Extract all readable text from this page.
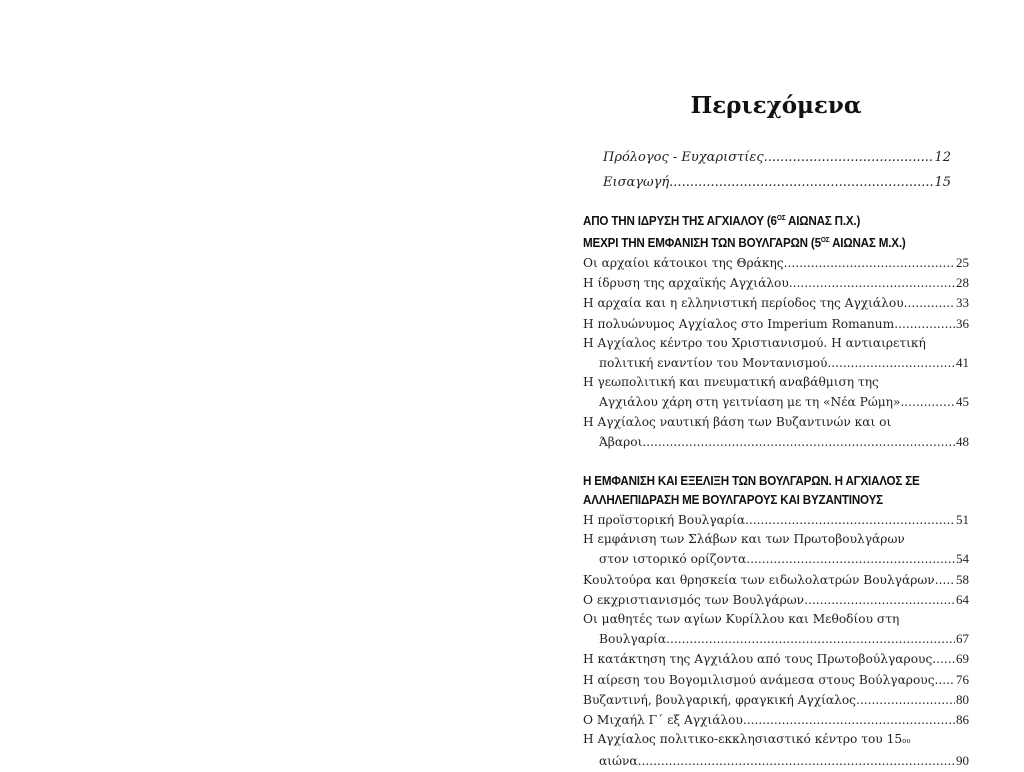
Περιεχόμενα
Πρόλογος - Ευχαριστίες .....	12
Εισαγωγή .....	15
ΑΠΟ ΤΗΝ ΙΔΡΥΣΗ ΤΗΣ ΑΓΧΙΑΛΟΥ ($6^{O\Sigma}$ ΑΙΩΝΑΣ Π.Χ.)
ΜΕΧΡΙ ΤΗΝ ΕΜΦΑΝΙΣΗ ΤΩΝ ΒΟΥΛΓΑΡΩΝ ($5^{O\Sigma}$ ΑΙΩΝΑΣ Μ.Χ.)
Οι αρχαίοι κάτοικοι της Θράκης .....	25
Η ίδρυση της αρχαϊκής Αγχιάλου .....	28
Η αρχαία και η ελληνιστική περίοδος της Αγχιάλου .....	33
Η πολυώνυμος Αγχίαλος στο Imperium Romanum .....	36
Η Αγχίαλος κέντρο του Χριστιανισμού. Η αντιαιρετική
πολιτική εναντίον του Μοντανισμού .....	41
Η γεωπολιτική και πνευματική αναβάθμιση της
Αγχιάλου χάρη στη γειτνίαση με τη «Νέα Ρώμη» .....	45
Η Αγχίαλος ναυτική βάση των Βυζαντινών και οι
Άβαροι .....	48
Η ΕΜΦΑΝΙΣΗ ΚΑΙ ΕΞΕΛΙΞΗ ΤΩΝ ΒΟΥΛΓΑΡΩΝ. Η ΑΓΧΙΑΛΟΣ ΣΕ
ΑΛΛΗΛΕΠΙΔΡΑΣΗ ΜΕ ΒΟΥΛΓΑΡΟΥΣ ΚΑΙ ΒΥΖΑΝΤΙΝΟΥΣ
Η προϊστορική Βουλγαρία .....	51
Η εμφάνιση των Σλάβων και των Πρωτοβουλγάρων
στον ιστορικό ορίζοντα .....	54
Κουλτούρα και θρησκεία των ειδωλολατρών Βουλγάρων ..... 58
Ο εκχριστιανισμός των Βουλγάρων .....	64
Οι μαθητές των αγίων Κυρίλλου και Μεθοδίου στη
Βουλγαρία .....	67
Η κατάκτηση της Αγχιάλου από τους Πρωτοβούλγαρους ..... 69
Η αίρεση του Βογομιλισμού ανάμεσα στους Βούλγαρους ..... 76
Βυζαντινή, βουλγαρική, φραγκική Αγχίαλος .....	80
Ο Μιχαήλ Γ΄ εξ Αγχιάλου .....	86
Η Αγχίαλος πολιτικο-εκκλησιαστικό κέντρο του 15 ου
αιώνα .....	90
